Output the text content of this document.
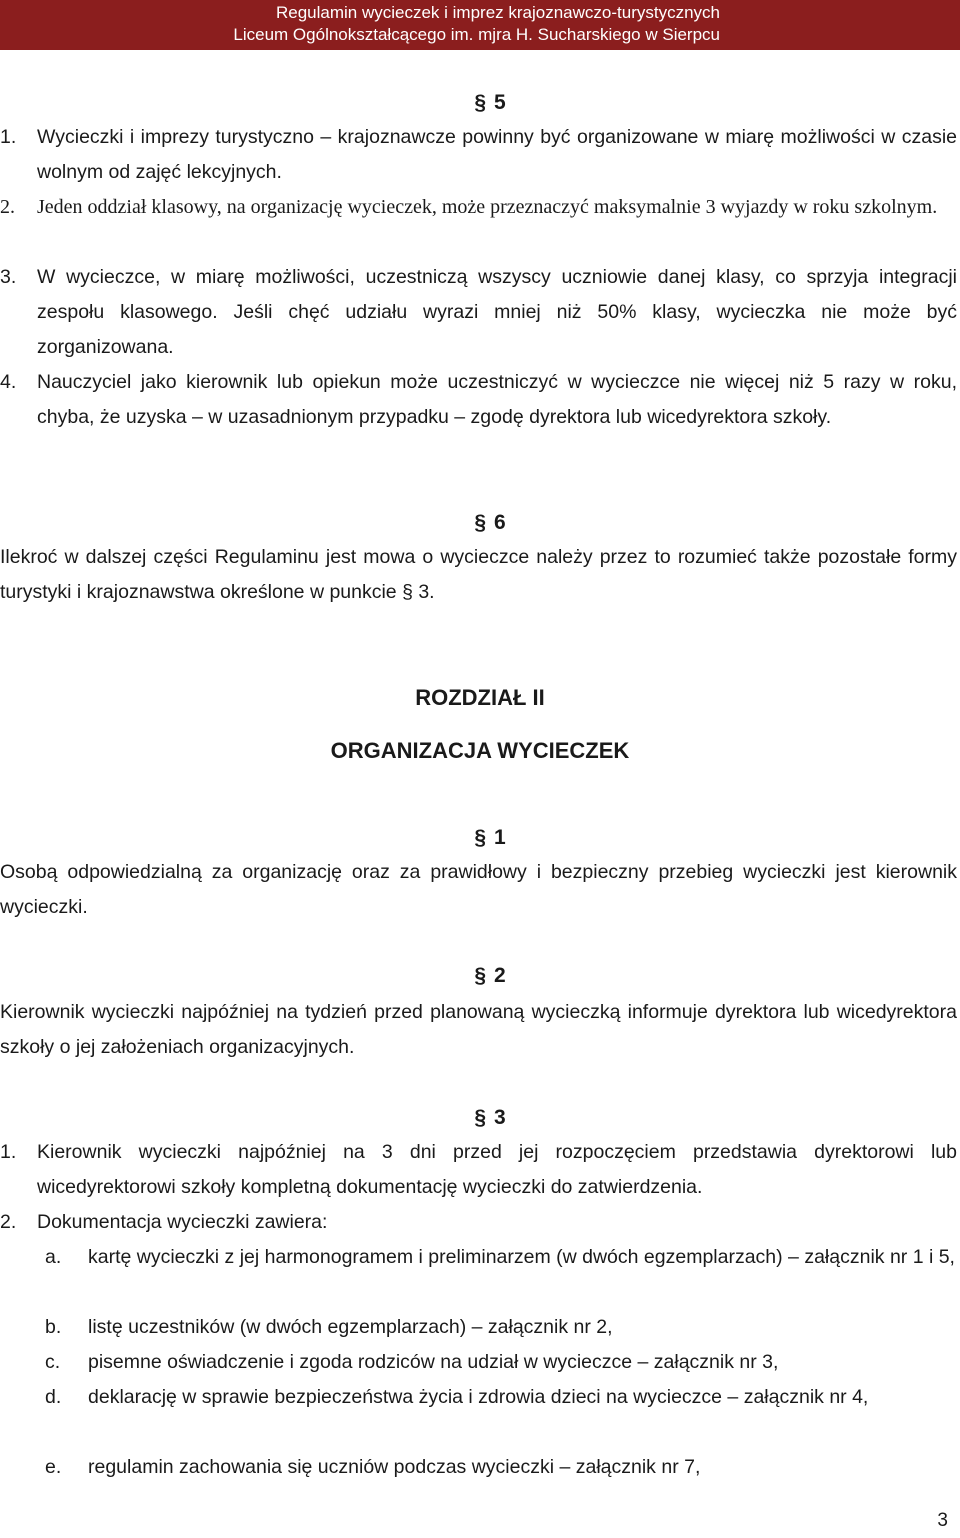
Regulamin wycieczek i imprez krajoznawczo-turystycznych
Liceum Ogólnokształcącego im. mjra H. Sucharskiego w Sierpcu
§ 5
1. Wycieczki i imprezy turystyczno – krajoznawcze powinny być organizowane w miarę możliwości w czasie wolnym od zajęć lekcyjnych.
2. Jeden oddział klasowy, na organizację wycieczek, może przeznaczyć maksymalnie 3 wyjazdy w roku szkolnym.
3. W wycieczce, w miarę możliwości, uczestniczą wszyscy uczniowie danej klasy, co sprzyja integracji zespołu klasowego. Jeśli chęć udziału wyrazi mniej niż 50% klasy, wycieczka nie może być zorganizowana.
4. Nauczyciel jako kierownik lub opiekun może uczestniczyć w wycieczce nie więcej niż 5 razy w roku, chyba, że uzyska – w uzasadnionym przypadku – zgodę dyrektora lub wicedyrektora szkoły.
§ 6
Ilekroć w dalszej części Regulaminu jest mowa o wycieczce należy przez to rozumieć także pozostałe formy turystyki i krajoznawstwa określone w punkcie § 3.
ROZDZIAŁ II
ORGANIZACJA WYCIECZEK
§ 1
Osobą odpowiedzialną za organizację oraz za prawidłowy i bezpieczny przebieg wycieczki jest kierownik wycieczki.
§ 2
Kierownik wycieczki najpóźniej na tydzień przed planowaną wycieczką informuje dyrektora lub wicedyrektora szkoły o jej założeniach organizacyjnych.
§ 3
1. Kierownik wycieczki najpóźniej na 3 dni przed jej rozpoczęciem przedstawia dyrektorowi lub wicedyrektorowi szkoły kompletną dokumentację wycieczki do zatwierdzenia.
2. Dokumentacja wycieczki zawiera:
a. kartę wycieczki z jej harmonogramem i preliminarzem (w dwóch egzemplarzach) – załącznik nr 1 i 5,
b. listę uczestników (w dwóch egzemplarzach) – załącznik nr 2,
c. pisemne oświadczenie i zgoda rodziców na udział w wycieczce – załącznik nr 3,
d. deklarację w sprawie bezpieczeństwa życia i zdrowia dzieci na wycieczce – załącznik nr 4,
e. regulamin zachowania się uczniów podczas wycieczki – załącznik nr 7,
3
